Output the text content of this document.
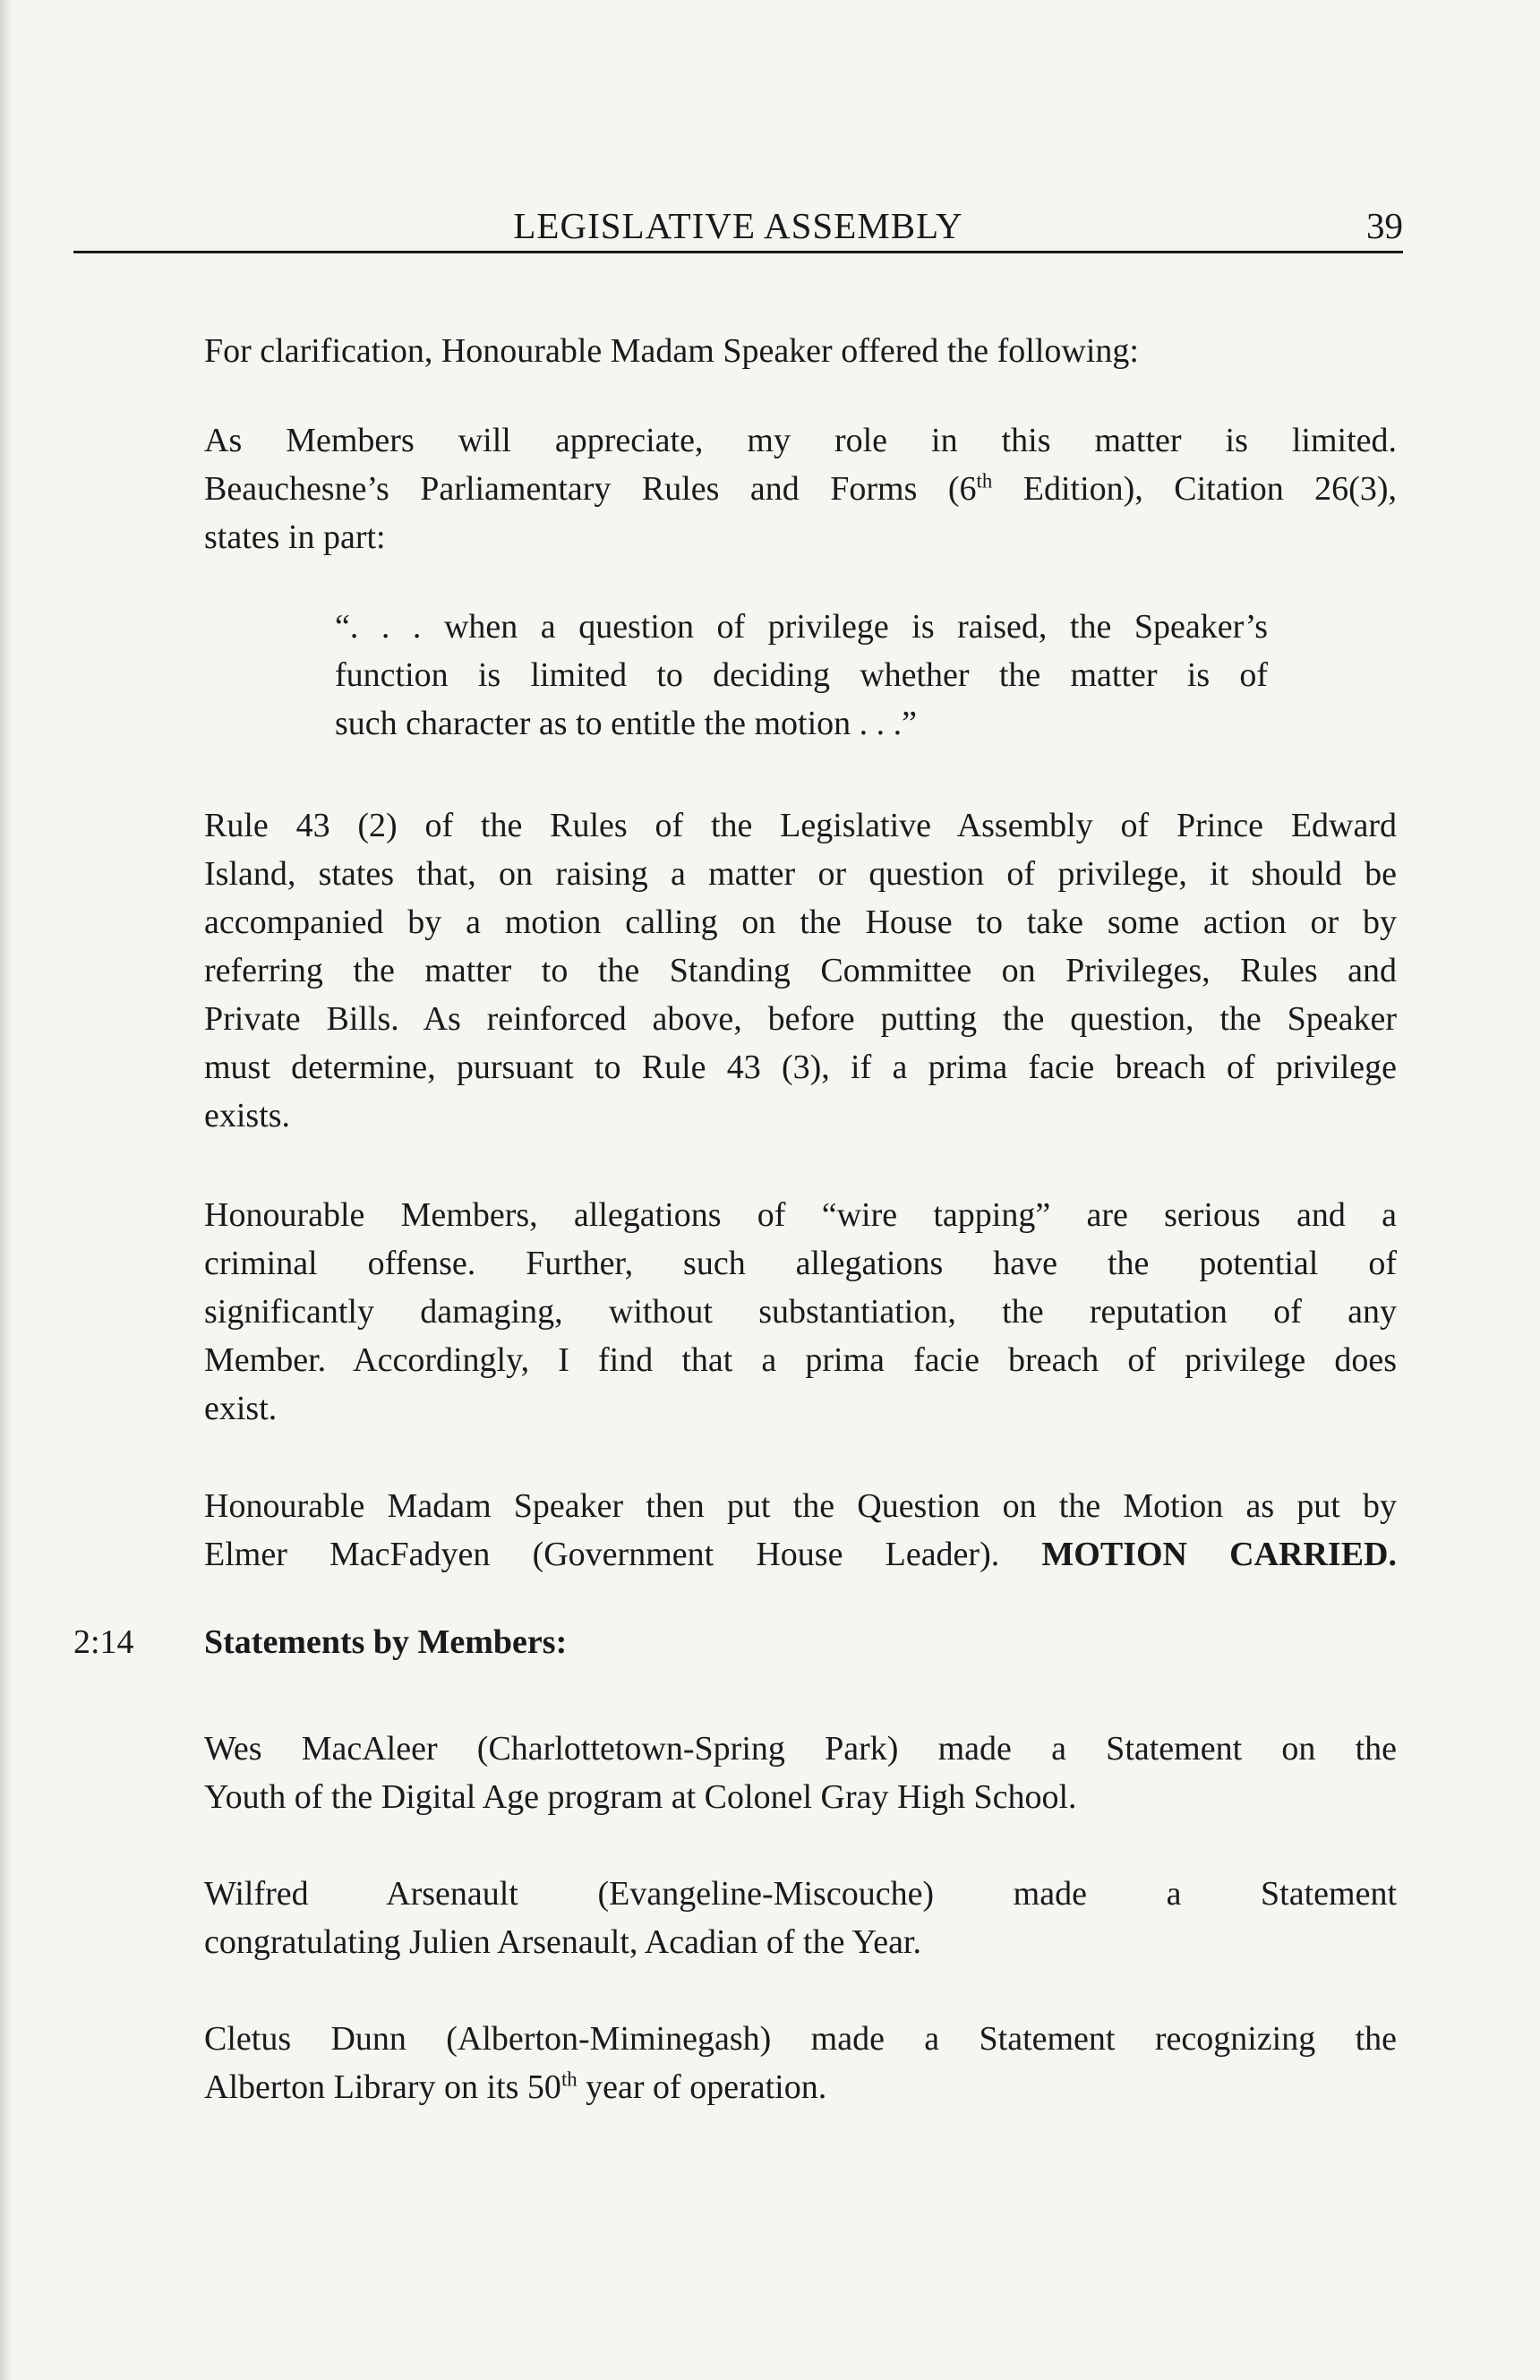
LEGISLATIVE ASSEMBLY	39

For clarification, Honourable Madam Speaker offered the following:

As Members will appreciate, my role in this matter is limited.
Beauchesne’s Parliamentary Rules and Forms (6th Edition), Citation 26(3),
states in part:

“. . . when a question of privilege is raised, the Speaker’s
function is limited to deciding whether the matter is of
such character as to entitle the motion . . .”

Rule 43 (2) of the Rules of the Legislative Assembly of Prince Edward
Island, states that, on raising a matter or question of privilege, it should be
accompanied by a motion calling on the House to take some action or by
referring the matter to the Standing Committee on Privileges, Rules and
Private Bills. As reinforced above, before putting the question, the Speaker
must determine, pursuant to Rule 43 (3), if a prima facie breach of privilege
exists.

Honourable Members, allegations of “wire tapping” are serious and a
criminal offense. Further, such allegations have the potential of
significantly damaging, without substantiation, the reputation of any
Member. Accordingly, I find that a prima facie breach of privilege does
exist.

Honourable Madam Speaker then put the Question on the Motion as put by
Elmer MacFadyen (Government House Leader). MOTION CARRIED.

2:14 Statements by Members:

Wes MacAleer (Charlottetown-Spring Park) made a Statement on the
Youth of the Digital Age program at Colonel Gray High School.

Wilfred Arsenault (Evangeline-Miscouche) made a Statement
congratulating Julien Arsenault, Acadian of the Year.

Cletus Dunn (Alberton-Miminegash) made a Statement recognizing the
Alberton Library on its 50th year of operation.
